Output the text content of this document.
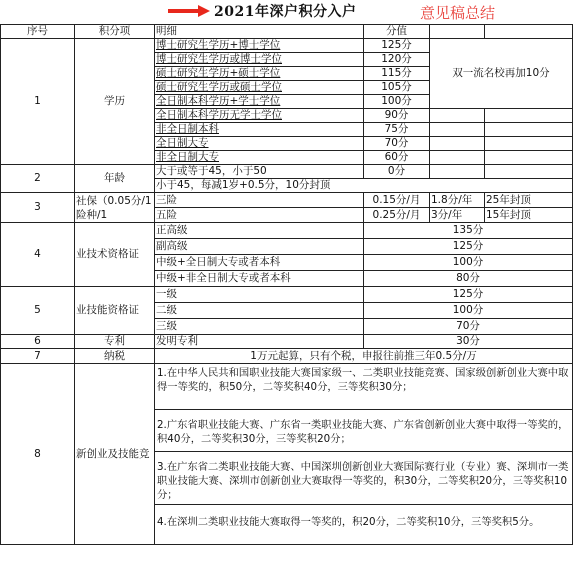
2021年深户积分入户	意见稿总结
序号	积分项	明细	分值		
1	学历	博士研究生学历+博士学位	125分	双一流名校再加10分	
		博士研究生学历或博士学位	120分		
		硕士研究生学历+硕士学位	115分		
		硕士研究生学历或硕士学位	105分		
		全日制本科学历+学士学位	100分		
		全日制本科学历无学士学位	90分		
		非全日制本科	75分		
		全日制大专	70分		
		非全日制大专	60分		
2	年龄	大于或等于45，小于50	0分		
		小于45，每减1岁+0.5分，10分封顶			
3	社保（0.05分/1险种/1	三险	0.15分/月	1.8分/年	25年封顶
		五险	0.25分/月	3分/年	15年封顶
4	业技术资格证	正高级	135分		
		副高级	125分		
		中级+全日制大专或者本科	100分		
		中级+非全日制大专或者本科	80分		
5	业技能资格证	一级	125分		
		二级	100分		
		三级	70分		
6	专利	发明专利	30分		
7	纳税	1万元起算，只有个税，申报往前推三年0.5分/万			
8	新创业及技能竞	1.在中华人民共和国职业技能大赛国家级一、二类职业技能竞赛、国家级创新创业大赛中取得一等奖的，积50分，二等奖积40分，三等奖积30分；			
		2.广东省职业技能大赛、广东省一类职业技能大赛、广东省创新创业大赛中取得一等奖的，积40分，二等奖积30分，三等奖积20分；			
		3.在广东省二类职业技能大赛、中国深圳创新创业大赛国际赛行业（专业）赛、深圳市一类职业技能大赛、深圳市创新创业大赛取得一等奖的，积30分，二等奖积20分，三等奖积10分；			
		4.在深圳二类职业技能大赛取得一等奖的，积20分，二等奖积10分，三等奖积5分。			
